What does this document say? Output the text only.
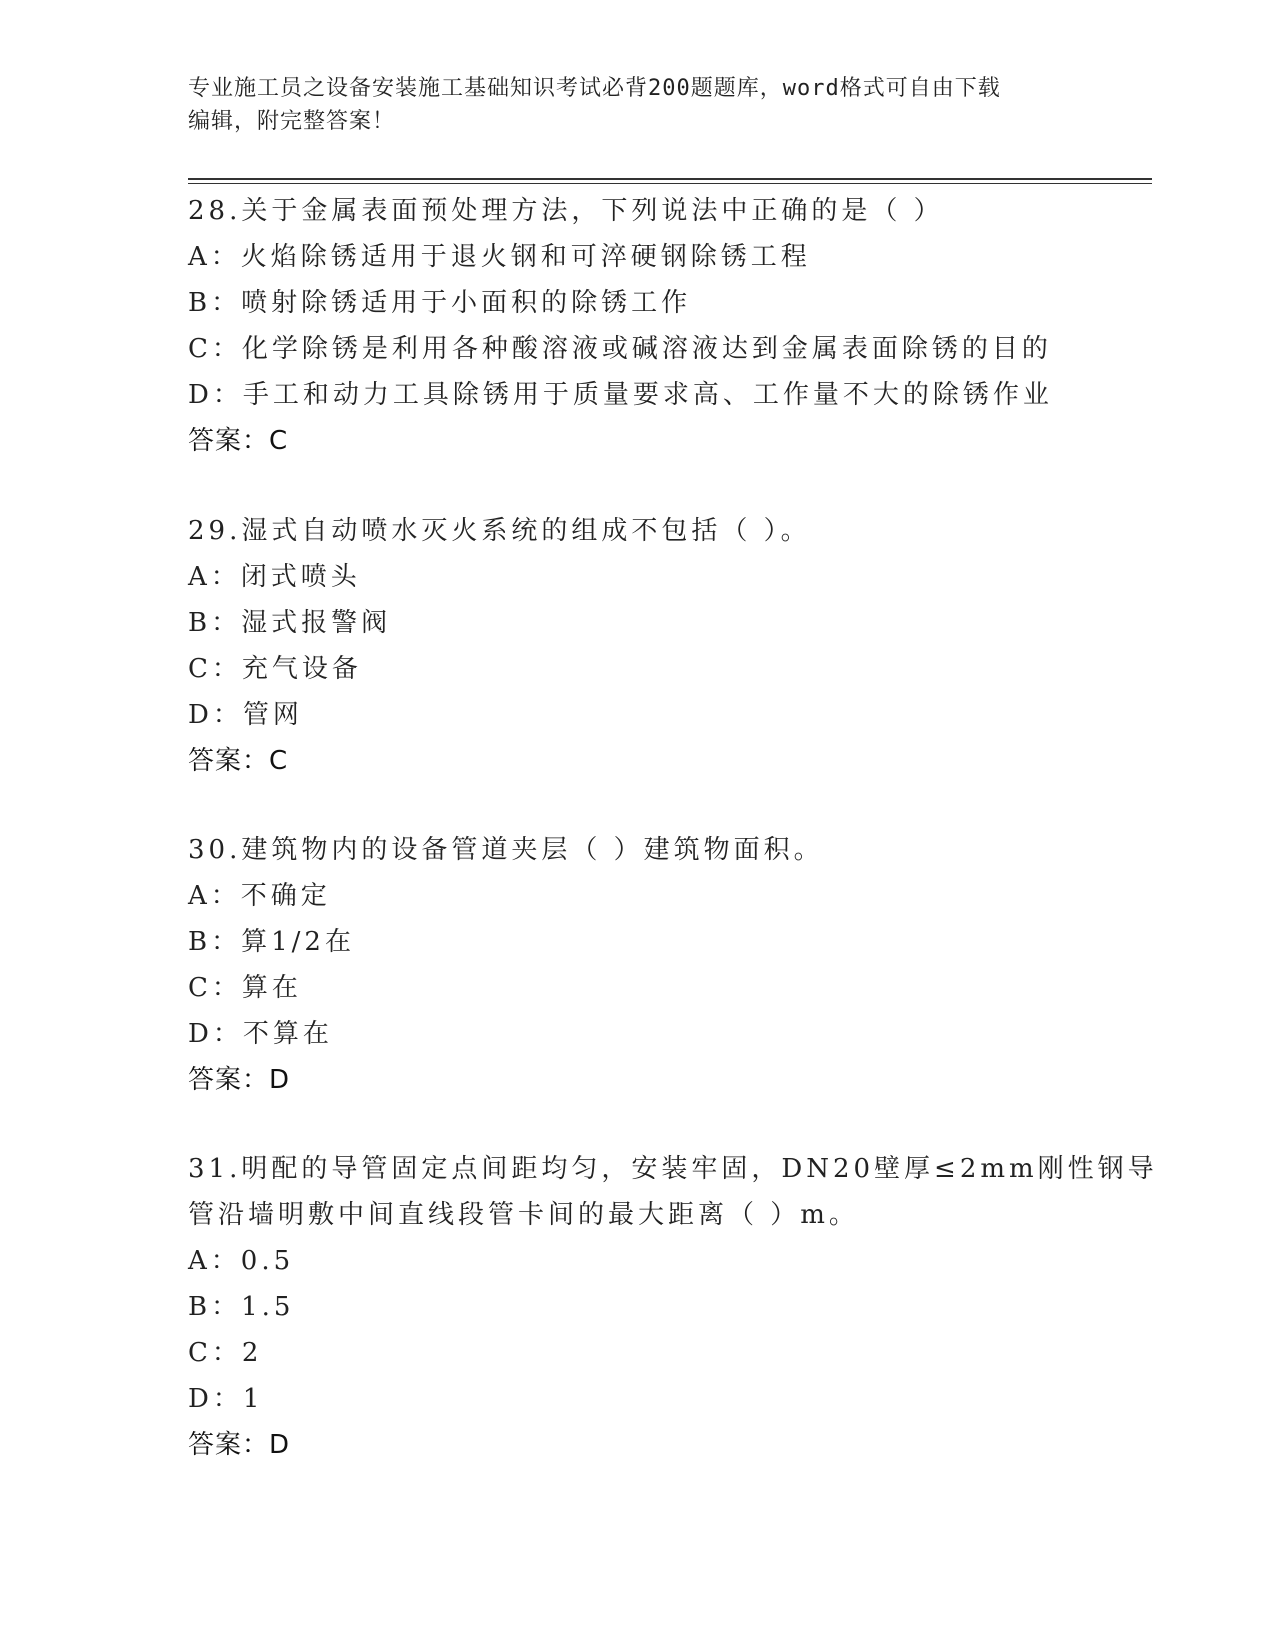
专业施工员之设备安装施工基础知识考试必背200题题库，word格式可自由下载
编辑，附完整答案！
28.关于金属表面预处理方法，下列说法中正确的是（ ）
A：火焰除锈适用于退火钢和可淬硬钢除锈工程
B：喷射除锈适用于小面积的除锈工作
C：化学除锈是利用各种酸溶液或碱溶液达到金属表面除锈的目的
D：手工和动力工具除锈用于质量要求高、工作量不大的除锈作业
答案：C
29.湿式自动喷水灭火系统的组成不包括（ ）。
A：闭式喷头
B：湿式报警阀
C：充气设备
D：管网
答案：C
30.建筑物内的设备管道夹层（ ）建筑物面积。
A：不确定
B：算1/2在
C：算在
D：不算在
答案：D
31.明配的导管固定点间距均匀，安装牢固，DN20壁厚≤2mm刚性钢导
管沿墙明敷中间直线段管卡间的最大距离（ ）m。
A：0.5
B：1.5
C：2
D：1
答案：D
